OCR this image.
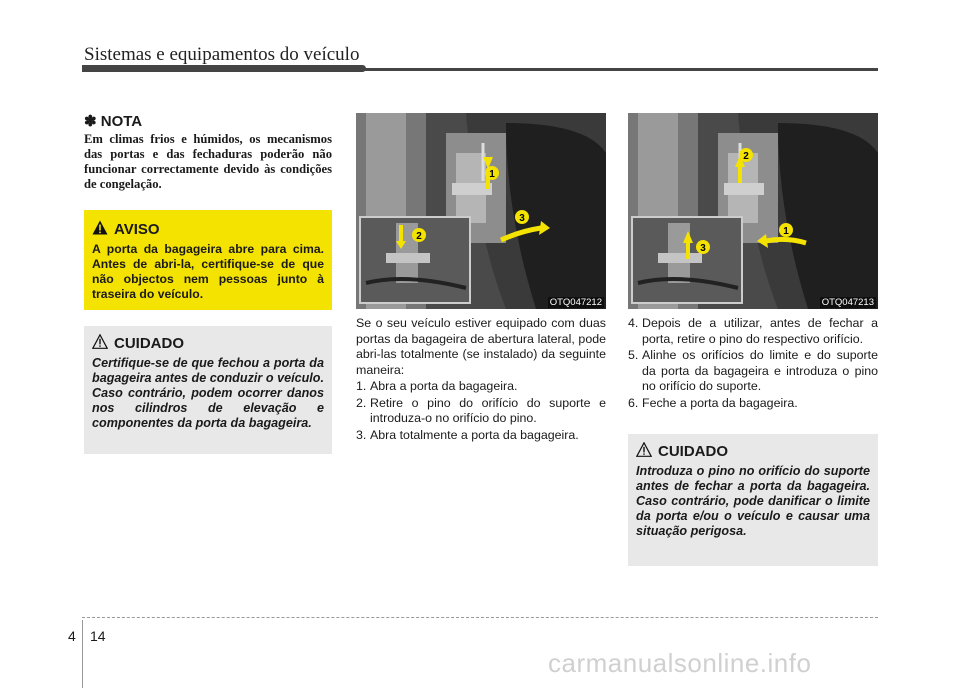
Sistemas e equipamentos do veículo
✽ NOTA
Em climas frios e húmidos, os mecanismos das portas e das fechaduras poderão não funcionar correctamente devido às condições de congelação.
AVISO
A porta da bagageira abre para cima. Antes de abri-la, certifique-se de que não objectos nem pessoas junto à traseira do veículo.
CUIDADO
Certifique-se de que fechou a porta da bagageira antes de conduzir o veículo. Caso contrário, podem ocorrer danos nos cilindros de elevação e componentes da porta da bagageira.
1
3
2
OTQ047212
2
1
3
OTQ047213

Se o seu veículo estiver equipado com duas portas da bagageira de abertura lateral, pode abri-las totalmente (se instalado) da seguinte maneira:

1. Abra a porta da bagageira.
2. Retire o pino do orifício do suporte e introduza-o no orifício do pino.
3. Abra totalmente a porta da bagageira.
4. Depois de a utilizar, antes de fechar a porta, retire o pino do respectivo orifício.
5. Alinhe os orifícios do limite e do suporte da porta da bagageira e introduza o pino no orifício do suporte.
6. Feche a porta da bagageira.
CUIDADO
Introduza o pino no orifício do suporte antes de fechar a porta da bagageira. Caso contrário, pode danificar o limite da porta e/ou o veículo e causar uma situação perigosa.
4 14
carmanualsonline.info
